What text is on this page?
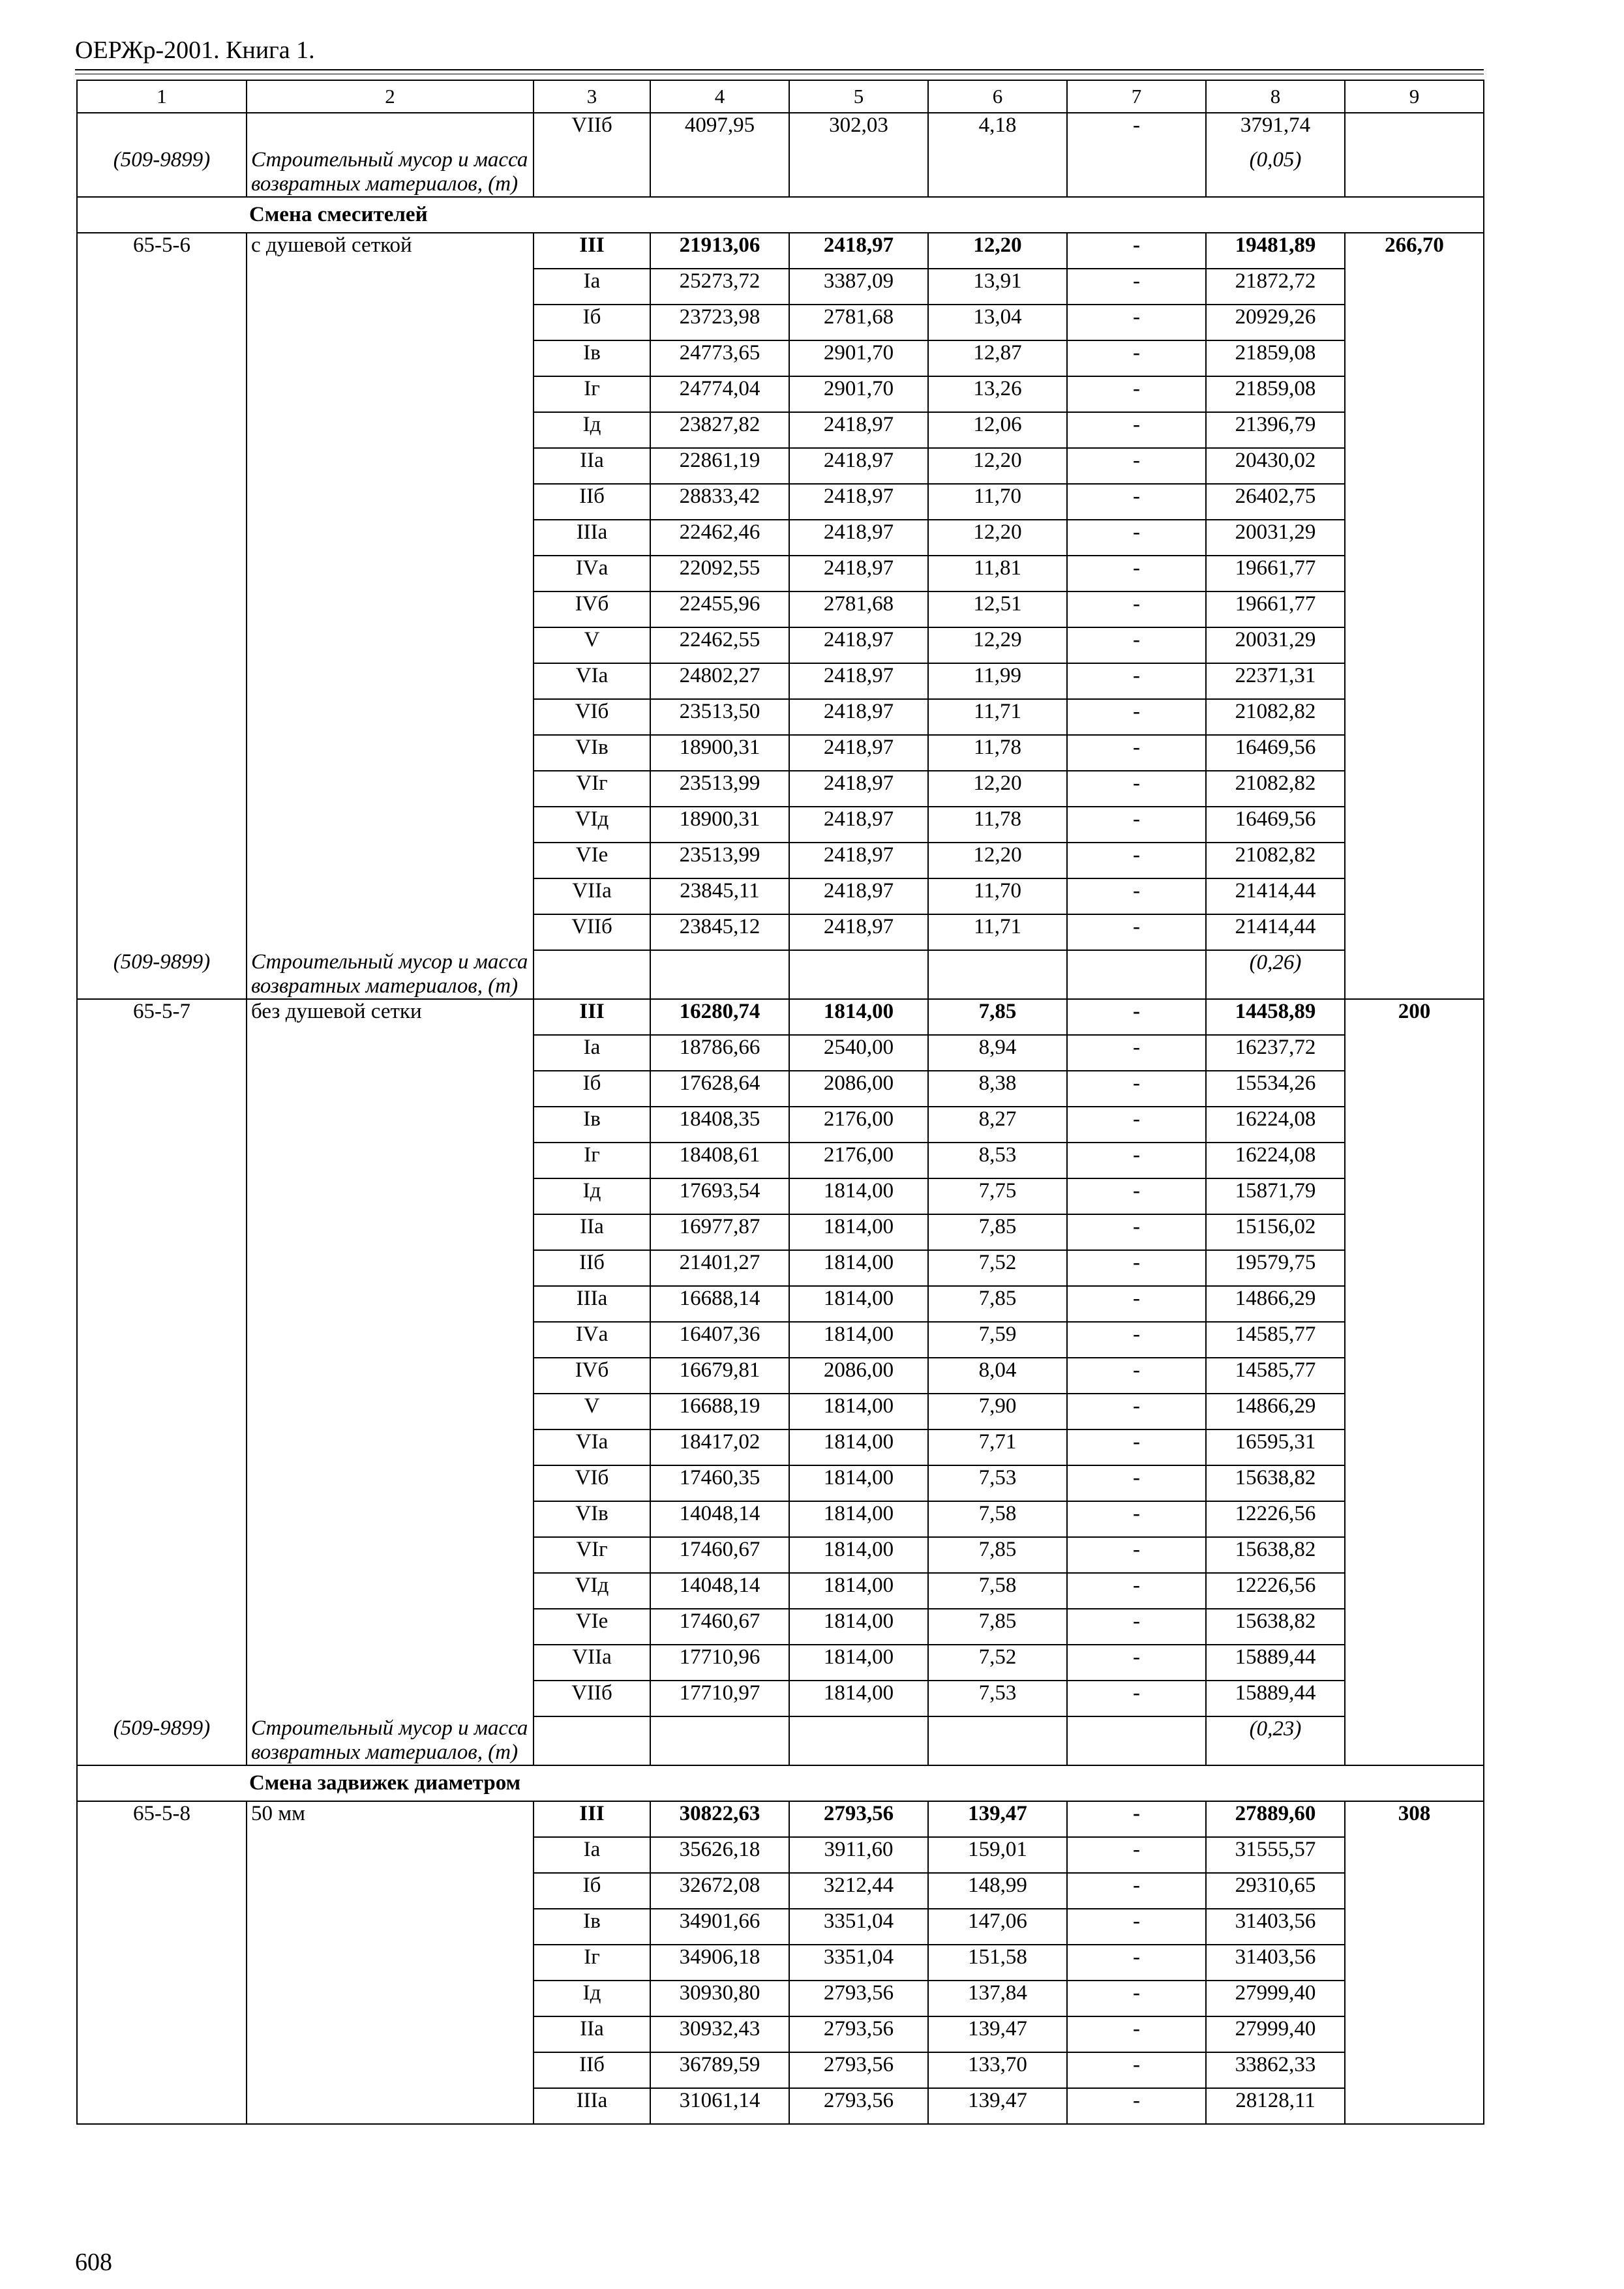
ОЕРЖр-2001. Книга 1.
1	2	3	4	5	6	7	8	9
		VIIб	4097,95	302,03	4,18	-	3791,74	
(509-9899)	Строительный мусор и масса возвратных материалов, (т)						(0,05)	
Смена смесителей								
65-5-6	с душевой сеткой	III	21913,06	2418,97	12,20	-	19481,89	266,70
		Iа	25273,72	3387,09	13,91	-	21872,72	
		Iб	23723,98	2781,68	13,04	-	20929,26	
		Iв	24773,65	2901,70	12,87	-	21859,08	
		Iг	24774,04	2901,70	13,26	-	21859,08	
		Iд	23827,82	2418,97	12,06	-	21396,79	
		IIа	22861,19	2418,97	12,20	-	20430,02	
		IIб	28833,42	2418,97	11,70	-	26402,75	
		IIIа	22462,46	2418,97	12,20	-	20031,29	
		IVа	22092,55	2418,97	11,81	-	19661,77	
		IVб	22455,96	2781,68	12,51	-	19661,77	
		V	22462,55	2418,97	12,29	-	20031,29	
		VIа	24802,27	2418,97	11,99	-	22371,31	
		VIб	23513,50	2418,97	11,71	-	21082,82	
		VIв	18900,31	2418,97	11,78	-	16469,56	
		VIг	23513,99	2418,97	12,20	-	21082,82	
		VIд	18900,31	2418,97	11,78	-	16469,56	
		VIе	23513,99	2418,97	12,20	-	21082,82	
		VIIа	23845,11	2418,97	11,70	-	21414,44	
		VIIб	23845,12	2418,97	11,71	-	21414,44	
(509-9899)	Строительный мусор и масса возвратных материалов, (т)						(0,26)	
65-5-7	без душевой сетки	III	16280,74	1814,00	7,85	-	14458,89	200
		Iа	18786,66	2540,00	8,94	-	16237,72	
		Iб	17628,64	2086,00	8,38	-	15534,26	
		Iв	18408,35	2176,00	8,27	-	16224,08	
		Iг	18408,61	2176,00	8,53	-	16224,08	
		Iд	17693,54	1814,00	7,75	-	15871,79	
		IIа	16977,87	1814,00	7,85	-	15156,02	
		IIб	21401,27	1814,00	7,52	-	19579,75	
		IIIа	16688,14	1814,00	7,85	-	14866,29	
		IVа	16407,36	1814,00	7,59	-	14585,77	
		IVб	16679,81	2086,00	8,04	-	14585,77	
		V	16688,19	1814,00	7,90	-	14866,29	
		VIа	18417,02	1814,00	7,71	-	16595,31	
		VIб	17460,35	1814,00	7,53	-	15638,82	
		VIв	14048,14	1814,00	7,58	-	12226,56	
		VIг	17460,67	1814,00	7,85	-	15638,82	
		VIд	14048,14	1814,00	7,58	-	12226,56	
		VIе	17460,67	1814,00	7,85	-	15638,82	
		VIIа	17710,96	1814,00	7,52	-	15889,44	
		VIIб	17710,97	1814,00	7,53	-	15889,44	
(509-9899)	Строительный мусор и масса возвратных материалов, (т)						(0,23)	
Смена задвижек диаметром								
65-5-8	50 мм	III	30822,63	2793,56	139,47	-	27889,60	308
		Iа	35626,18	3911,60	159,01	-	31555,57	
		Iб	32672,08	3212,44	148,99	-	29310,65	
		Iв	34901,66	3351,04	147,06	-	31403,56	
		Iг	34906,18	3351,04	151,58	-	31403,56	
		Iд	30930,80	2793,56	137,84	-	27999,40	
		IIа	30932,43	2793,56	139,47	-	27999,40	
		IIб	36789,59	2793,56	133,70	-	33862,33	
		IIIа	31061,14	2793,56	139,47	-	28128,11	
608
